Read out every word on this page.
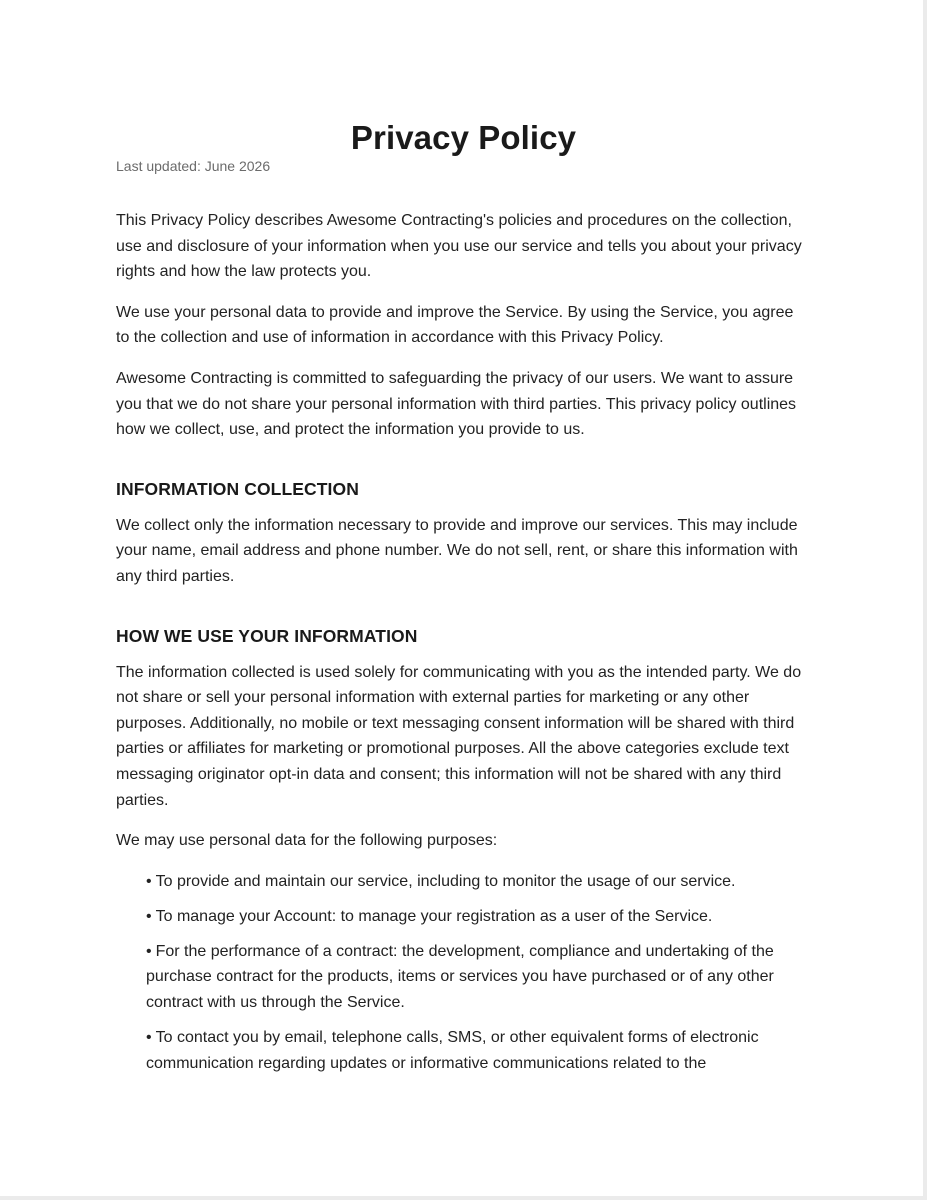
Privacy Policy
Last updated: June 2026

This Privacy Policy describes Awesome Contracting's policies and procedures on the collection, use and disclosure of your information when you use our service and tells you about your privacy rights and how the law protects you.

We use your personal data to provide and improve the Service. By using the Service, you agree to the collection and use of information in accordance with this Privacy Policy.

Awesome Contracting is committed to safeguarding the privacy of our users. We want to assure you that we do not share your personal information with third parties. This privacy policy outlines how we collect, use, and protect the information you provide to us.

INFORMATION COLLECTION

We collect only the information necessary to provide and improve our services. This may include your name, email address and phone number. We do not sell, rent, or share this information with any third parties.

HOW WE USE YOUR INFORMATION

The information collected is used solely for communicating with you as the intended party. We do not share or sell your personal information with external parties for marketing or any other purposes. Additionally, no mobile or text messaging consent information will be shared with third parties or affiliates for marketing or promotional purposes. All the above categories exclude text messaging originator opt-in data and consent; this information will not be shared with any third parties.

We may use personal data for the following purposes:

• To provide and maintain our service, including to monitor the usage of our service.
• To manage your Account: to manage your registration as a user of the Service.
• For the performance of a contract: the development, compliance and undertaking of the purchase contract for the products, items or services you have purchased or of any other contract with us through the Service.
• To contact you by email, telephone calls, SMS, or other equivalent forms of electronic communication regarding updates or informative communications related to the
